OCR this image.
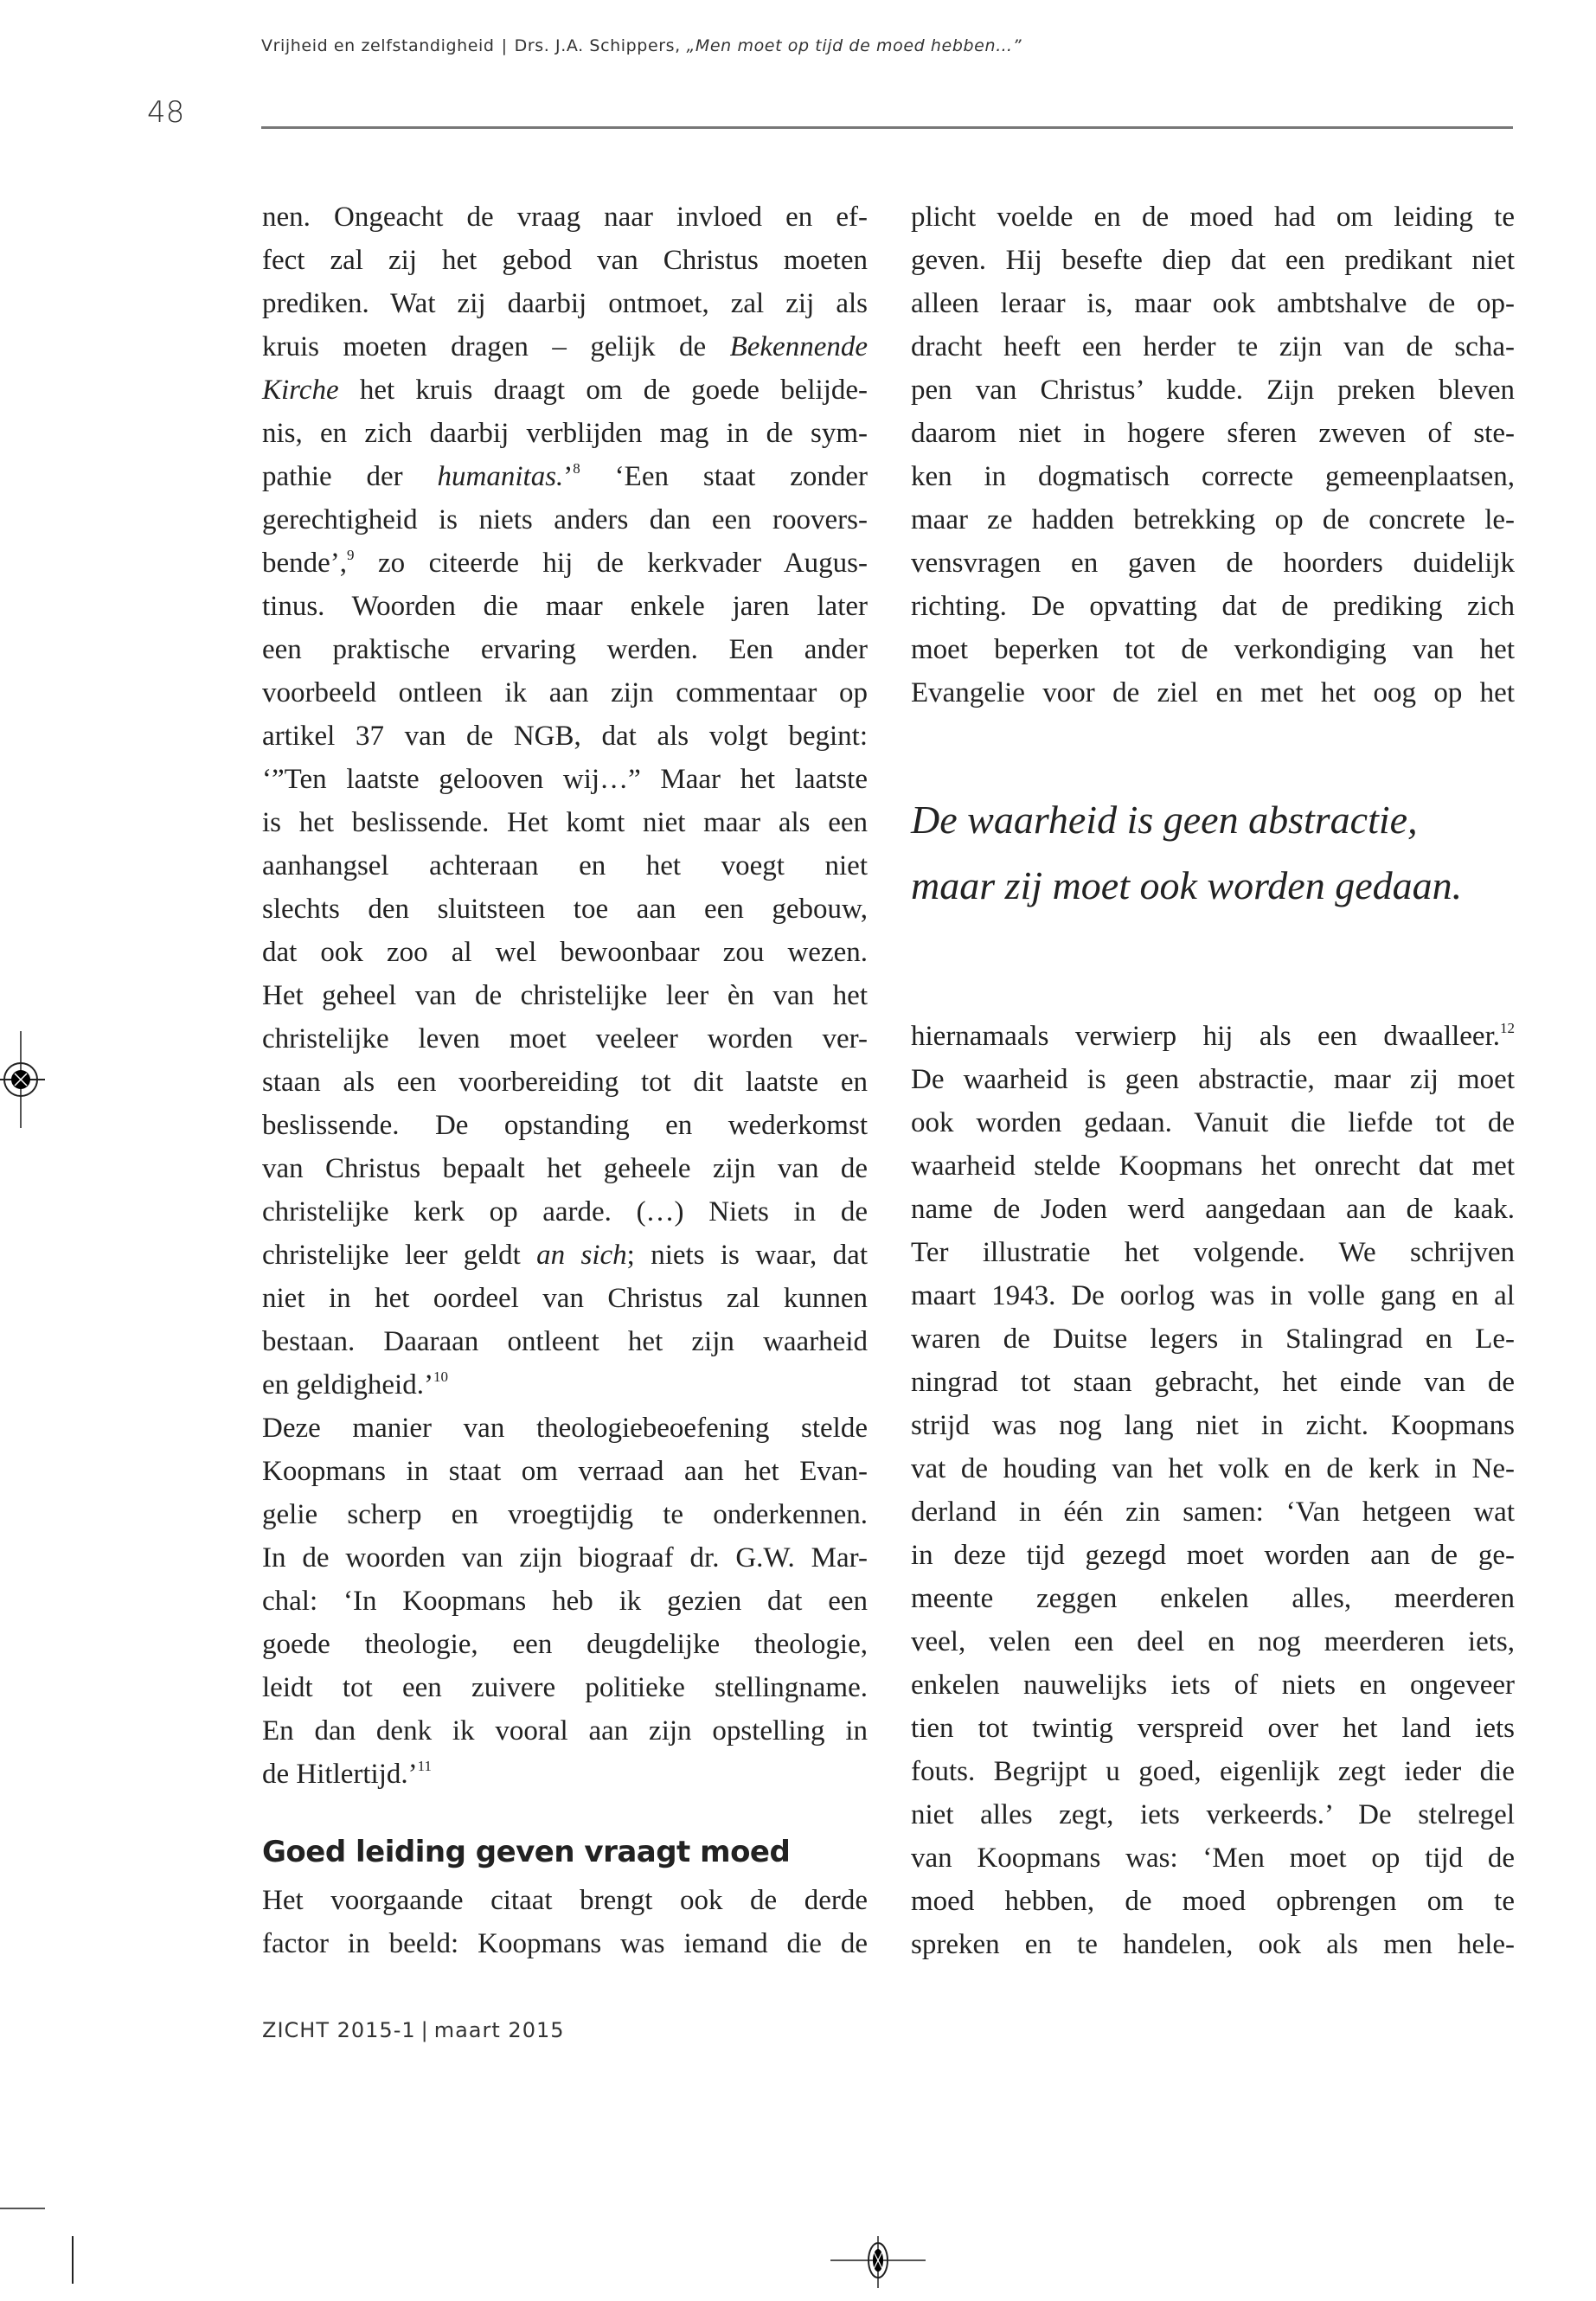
Vrijheid en zelfstandigheid | Drs. J.A. Schippers, „Men moet op tijd de moed hebben…”
48
nen. Ongeacht de vraag naar invloed en ef-
fect zal zij het gebod van Christus moeten
prediken. Wat zij daarbij ontmoet, zal zij als
kruis moeten dragen – gelijk de Bekennende
Kirche het kruis draagt om de goede belijde-
nis, en zich daarbij verblijden mag in de sym-
pathie der humanitas.’$^8$ ‘Een staat zonder
gerechtigheid is niets anders dan een roovers-
bende’,$^9$ zo citeerde hij de kerkvader Augus-
tinus. Woorden die maar enkele jaren later
een praktische ervaring werden. Een ander
voorbeeld ontleen ik aan zijn commentaar op
artikel 37 van de NGB, dat als volgt begint:
‘”Ten laatste gelooven wij…” Maar het laatste
is het beslissende. Het komt niet maar als een
aanhangsel achteraan en het voegt niet
slechts den sluitsteen toe aan een gebouw,
dat ook zoo al wel bewoonbaar zou wezen.
Het geheel van de christelijke leer èn van het
christelijke leven moet veeleer worden ver-
staan als een voorbereiding tot dit laatste en
beslissende. De opstanding en wederkomst
van Christus bepaalt het geheele zijn van de
christelijke kerk op aarde. (…) Niets in de
christelijke leer geldt an sich; niets is waar, dat
niet in het oordeel van Christus zal kunnen
bestaan. Daaraan ontleent het zijn waarheid
en geldigheid.’$^{10}$
Deze manier van theologiebeoefening stelde
Koopmans in staat om verraad aan het Evan-
gelie scherp en vroegtijdig te onderkennen.
In de woorden van zijn biograaf dr. G.W. Mar-
chal: ‘In Koopmans heb ik gezien dat een
goede theologie, een deugdelijke theologie,
leidt tot een zuivere politieke stellingname.
En dan denk ik vooral aan zijn opstelling in
de Hitlertijd.’$^{11}$
Goed leiding geven vraagt moed
Het voorgaande citaat brengt ook de derde
factor in beeld: Koopmans was iemand die de
plicht voelde en de moed had om leiding te
geven. Hij besefte diep dat een predikant niet
alleen leraar is, maar ook ambtshalve de op-
dracht heeft een herder te zijn van de scha-
pen van Christus’ kudde. Zijn preken bleven
daarom niet in hogere sferen zweven of ste-
ken in dogmatisch correcte gemeenplaatsen,
maar ze hadden betrekking op de concrete le-
vensvragen en gaven de hoorders duidelijk
richting. De opvatting dat de prediking zich
moet beperken tot de verkondiging van het
Evangelie voor de ziel en met het oog op het
De waarheid is geen abstractie,
maar zij moet ook worden gedaan.
hiernamaals verwierp hij als een dwaalleer.$^{12}$
De waarheid is geen abstractie, maar zij moet
ook worden gedaan. Vanuit die liefde tot de
waarheid stelde Koopmans het onrecht dat met
name de Joden werd aangedaan aan de kaak.
Ter illustratie het volgende. We schrijven
maart 1943. De oorlog was in volle gang en al
waren de Duitse legers in Stalingrad en Le-
ningrad tot staan gebracht, het einde van de
strijd was nog lang niet in zicht. Koopmans
vat de houding van het volk en de kerk in Ne-
derland in één zin samen: ‘Van hetgeen wat
in deze tijd gezegd moet worden aan de ge-
meente zeggen enkelen alles, meerderen
veel, velen een deel en nog meerderen iets,
enkelen nauwelijks iets of niets en ongeveer
tien tot twintig verspreid over het land iets
fouts. Begrijpt u goed, eigenlijk zegt ieder die
niet alles zegt, iets verkeerds.’ De stelregel
van Koopmans was: ‘Men moet op tijd de
moed hebben, de moed opbrengen om te
spreken en te handelen, ook als men hele-
ZICHT 2015-1 | maart 2015
